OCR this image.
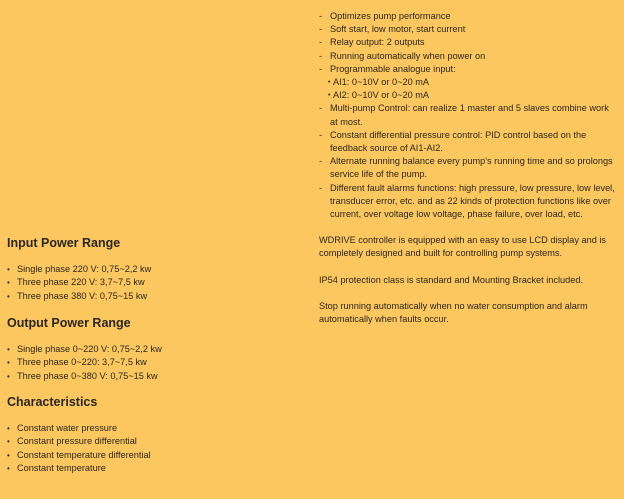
- Optimizes pump performance
- Soft start, low motor, start current
- Relay output: 2 outputs
- Running automatically when power on
- Programmable analogue input:
• AI1: 0~10V or 0~20 mA
• AI2: 0~10V or 0~20 mA
- Multi-pump Control: can realize 1 master and 5 slaves combine work at most.
- Constant differential pressure control: PID control based on the feedback source of AI1-AI2.
- Alternate running balance every pump's running time and so prolongs service life of the pump.
- Different fault alarms functions: high pressure, low pressure, low level, transducer error, etc. and as 22 kinds of protection functions like over current, over voltage low voltage, phase failure, over load, etc.

WDRIVE controller is equipped with an easy to use LCD display and is completely designed and built for controlling pump systems.

IP54 protection class is standard and Mounting Bracket included.

Stop running automatically when no water consumption and alarm automatically when faults occur.

Input Power Range
• Single phase 220 V: 0,75~2,2 kw
• Three phase 220 V: 3,7~7,5 kw
• Three phase 380 V: 0,75~15 kw
Output Power Range
• Single phase 0~220 V: 0,75~2,2 kw
• Three phase 0~220: 3,7~7,5 kw
• Three phase 0~380 V: 0,75~15 kw
Characteristics
• Constant water pressure
• Constant pressure differential
• Constant temperature differential
• Constant temperature
